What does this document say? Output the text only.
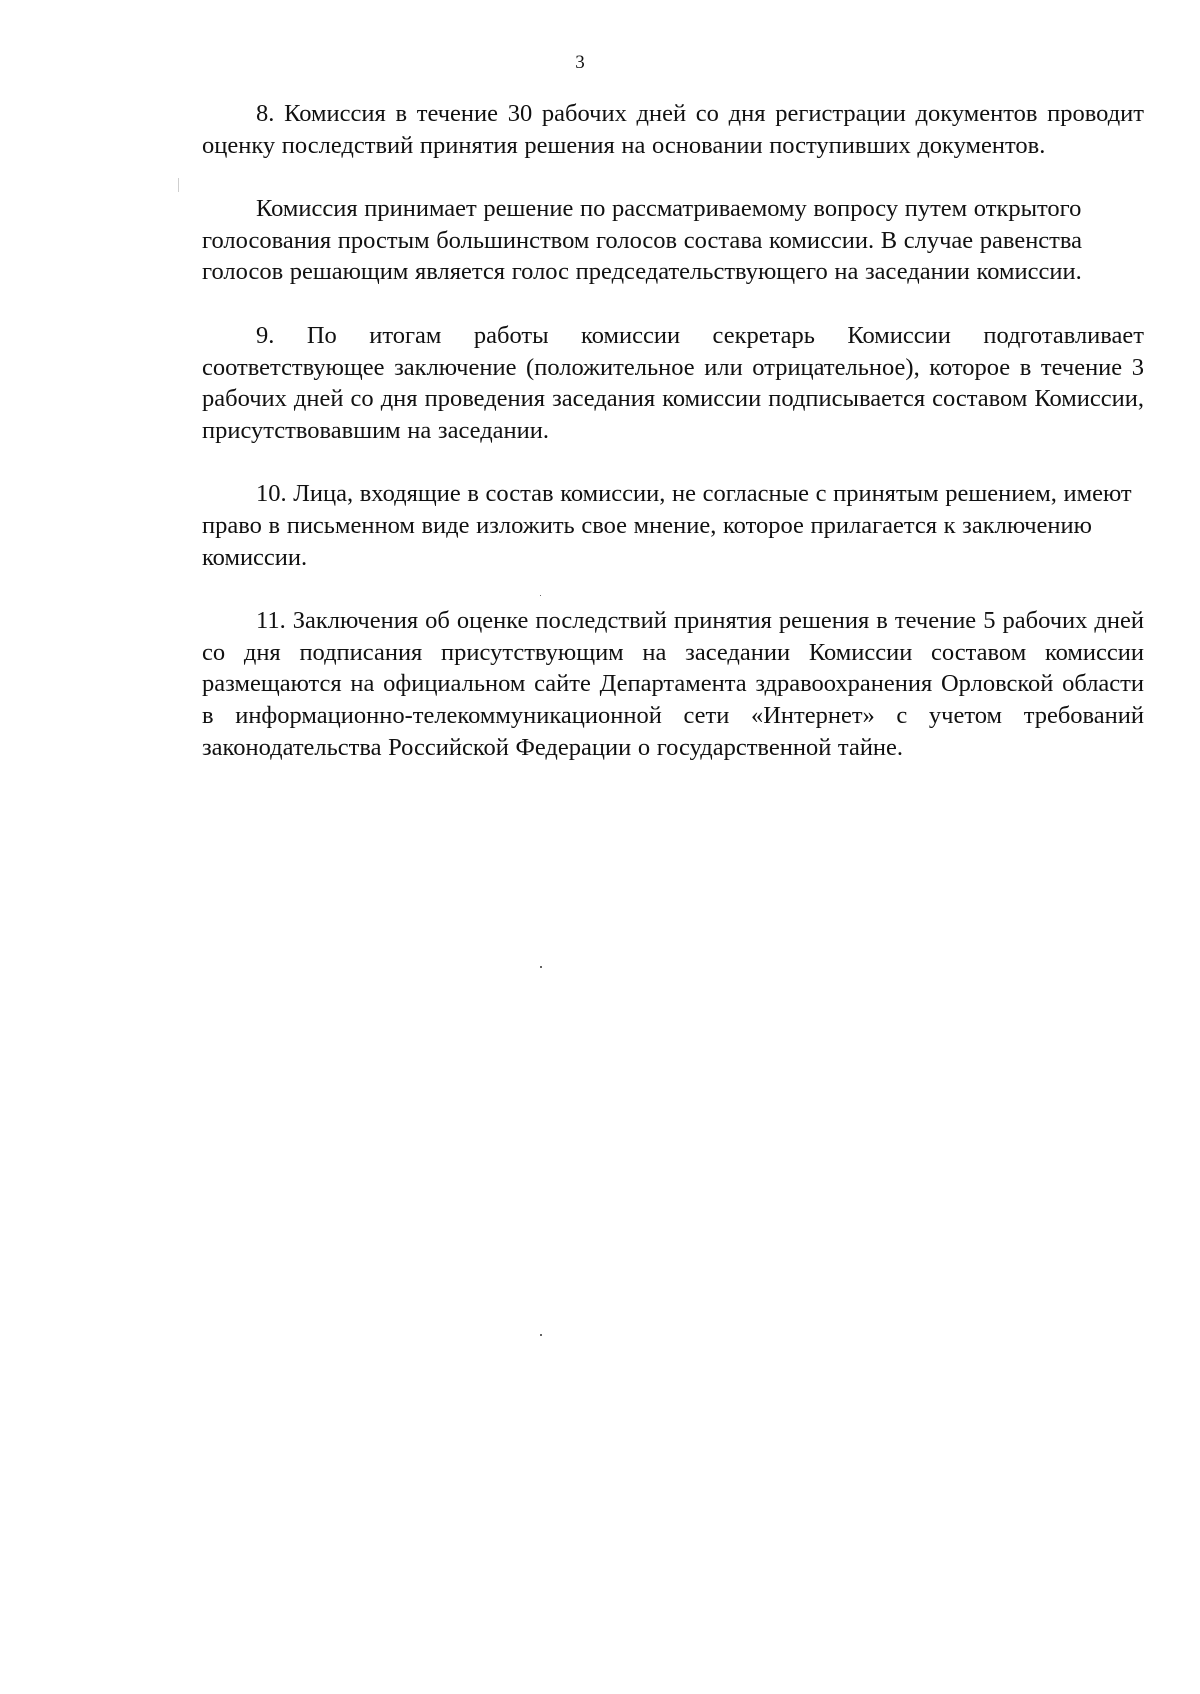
3

8. Комиссия в течение 30 рабочих дней со дня регистрации документов проводит оценку последствий принятия решения на основании поступивших документов.

Комиссия принимает решение по рассматриваемому вопросу путем открытого голосования простым большинством голосов состава комиссии. В случае равенства голосов решающим является голос председательствующего на заседании комиссии.

9. По итогам работы комиссии секретарь Комиссии подготавливает соответствующее заключение (положительное или отрицательное), которое в течение 3 рабочих дней со дня проведения заседания комиссии подписывается составом Комиссии, присутствовавшим на заседании.

10. Лица, входящие в состав комиссии, не согласные с принятым решением, имеют право в письменном виде изложить свое мнение, которое прилагается к заключению комиссии.

11. Заключения об оценке последствий принятия решения в течение 5 рабочих дней со дня подписания присутствующим на заседании Комиссии составом комиссии размещаются на официальном сайте Департамента здравоохранения Орловской области в информационно-телекоммуникационной сети «Интернет» с учетом требований законодательства Российской Федерации о государственной тайне.
